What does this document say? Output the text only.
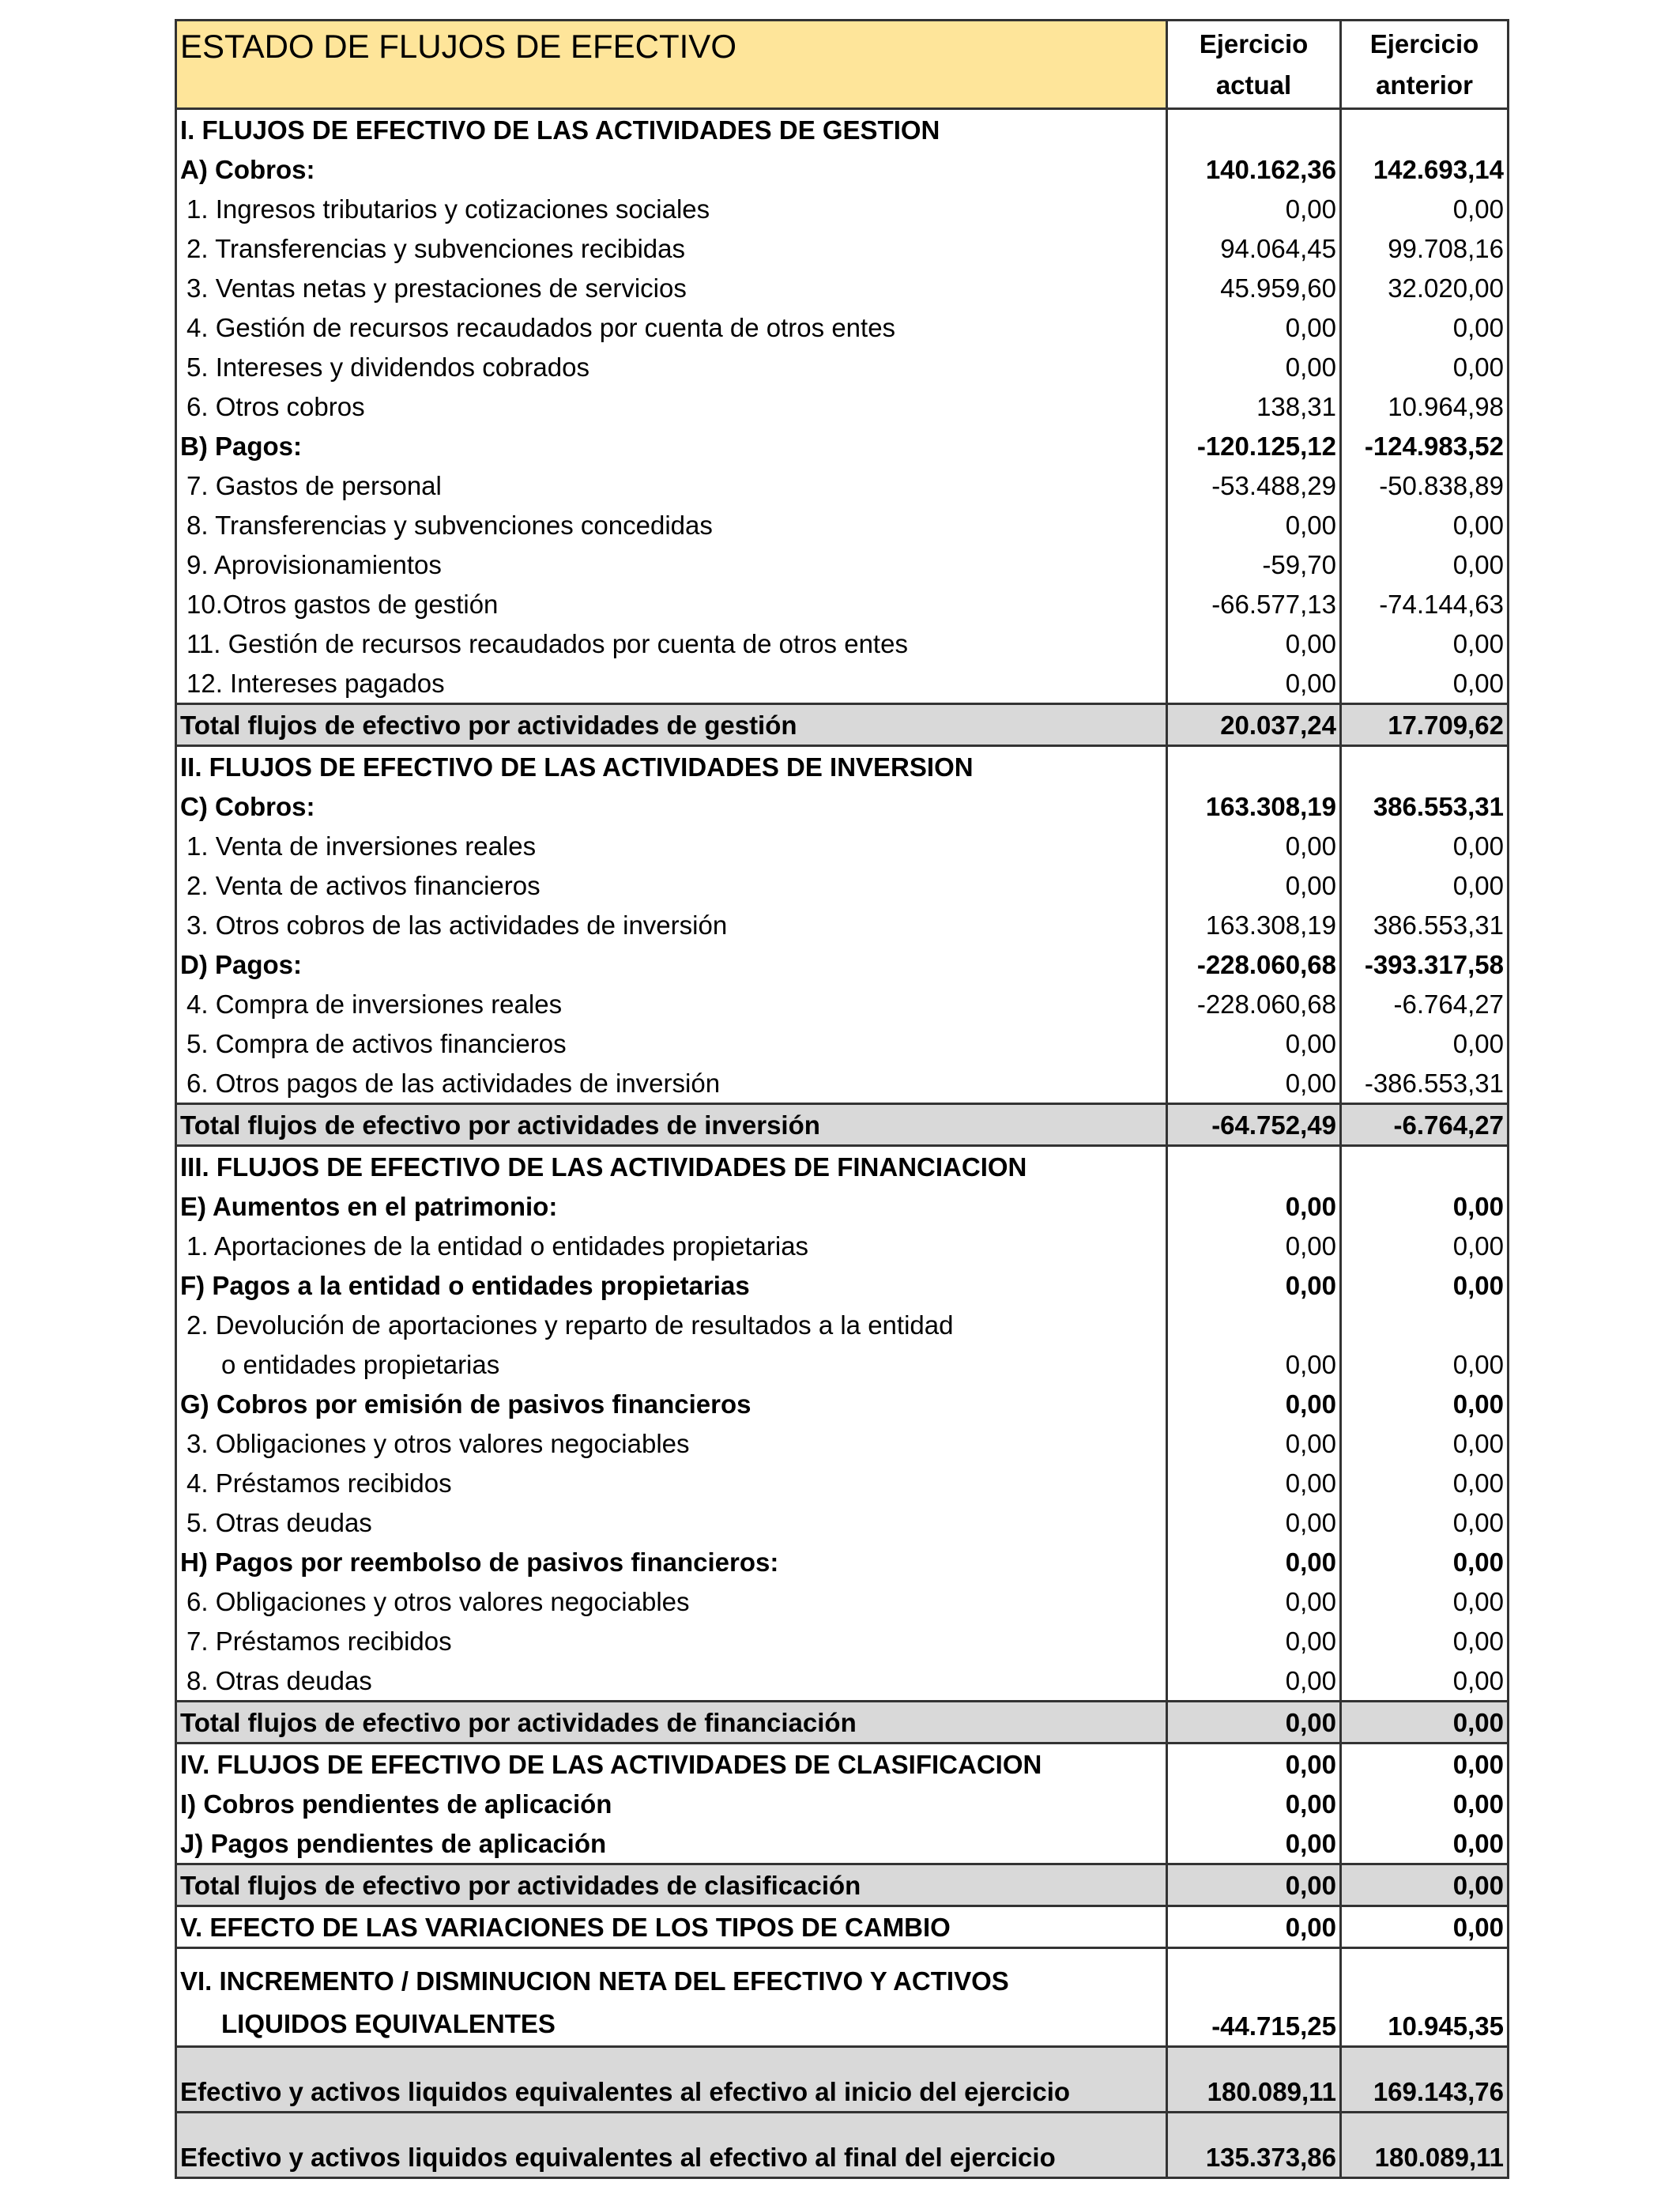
ESTADO DE FLUJOS DE EFECTIVO	Ejercicio actual	Ejercicio anterior
I. FLUJOS DE EFECTIVO DE LAS ACTIVIDADES DE GESTION		
A) Cobros:	140.162,36	142.693,14
1. Ingresos tributarios y cotizaciones sociales	0,00	0,00
2. Transferencias y subvenciones recibidas	94.064,45	99.708,16
3. Ventas netas y prestaciones de servicios	45.959,60	32.020,00
4. Gestión de recursos recaudados por cuenta de otros entes	0,00	0,00
5. Intereses y dividendos cobrados	0,00	0,00
6. Otros cobros	138,31	10.964,98
B) Pagos:	-120.125,12	-124.983,52
7. Gastos de personal	-53.488,29	-50.838,89
8. Transferencias y subvenciones concedidas	0,00	0,00
9. Aprovisionamientos	-59,70	0,00
10.Otros gastos de gestión	-66.577,13	-74.144,63
11. Gestión de recursos recaudados por cuenta de otros entes	0,00	0,00
12. Intereses pagados	0,00	0,00
Total flujos de efectivo por actividades de gestión	20.037,24	17.709,62
II. FLUJOS DE EFECTIVO DE LAS ACTIVIDADES DE INVERSION		
C) Cobros:	163.308,19	386.553,31
1. Venta de inversiones reales	0,00	0,00
2. Venta de activos financieros	0,00	0,00
3. Otros cobros de las actividades de inversión	163.308,19	386.553,31
D) Pagos:	-228.060,68	-393.317,58
4. Compra de inversiones reales	-228.060,68	-6.764,27
5. Compra de activos financieros	0,00	0,00
6. Otros pagos de las actividades de inversión	0,00	-386.553,31
Total flujos de efectivo por actividades de inversión	-64.752,49	-6.764,27
III. FLUJOS DE EFECTIVO DE LAS ACTIVIDADES DE FINANCIACION		
E) Aumentos en el patrimonio:	0,00	0,00
1. Aportaciones de la entidad o entidades propietarias	0,00	0,00
F) Pagos a la entidad o entidades propietarias	0,00	0,00
2. Devolución de aportaciones y reparto de resultados a la entidad		
o entidades propietarias	0,00	0,00
G) Cobros por emisión de pasivos financieros	0,00	0,00
3. Obligaciones y otros valores negociables	0,00	0,00
4. Préstamos recibidos	0,00	0,00
5. Otras deudas	0,00	0,00
H) Pagos por reembolso de pasivos financieros:	0,00	0,00
6. Obligaciones y otros valores negociables	0,00	0,00
7. Préstamos recibidos	0,00	0,00
8. Otras deudas	0,00	0,00
Total flujos de efectivo por actividades de financiación	0,00	0,00
IV. FLUJOS DE EFECTIVO DE LAS ACTIVIDADES DE CLASIFICACION	0,00	0,00
I) Cobros pendientes de aplicación	0,00	0,00
J) Pagos pendientes de aplicación	0,00	0,00
Total flujos de efectivo por actividades de clasificación	0,00	0,00
V. EFECTO DE LAS VARIACIONES DE LOS TIPOS DE CAMBIO	0,00	0,00

VI. INCREMENTO / DISMINUCION NETA DEL EFECTIVO Y ACTIVOS
LIQUIDOS EQUIVALENTES	-44.715,25	10.945,35
Efectivo y activos liquidos equivalentes al efectivo al inicio del ejercicio	180.089,11	169.143,76
Efectivo y activos liquidos equivalentes al efectivo al final del ejercicio	135.373,86	180.089,11
